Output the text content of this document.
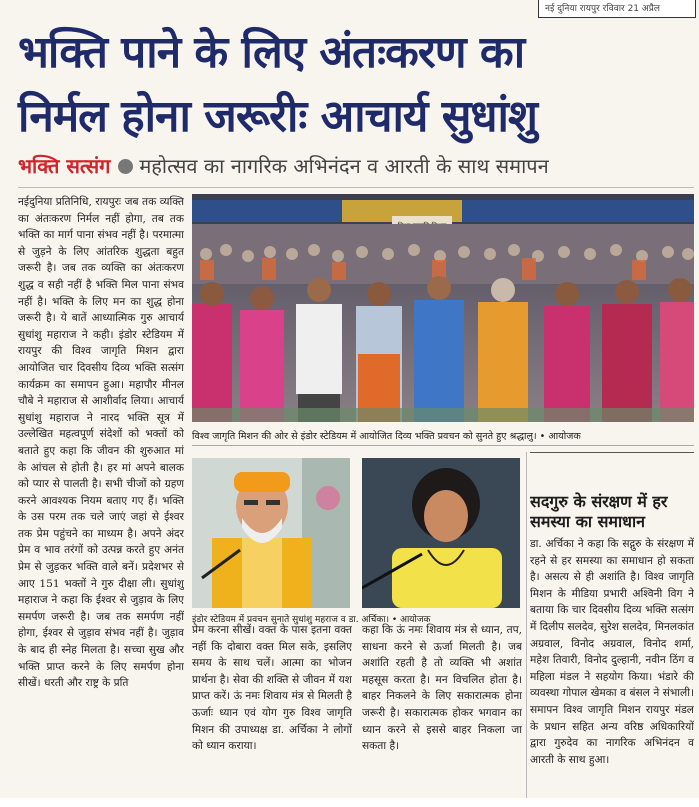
नई दुनिया रायपुर रविवार 21 अप्रैल
भक्ति पाने के लिए अंतःकरण का
निर्मल होना जरूरीः आचार्य सुधांशु
भक्ति सत्संग महोत्सव का नागरिक अभिनंदन व आरती के साथ समापन
विश्व जागृति मिशन की ओर से इंडोर स्टेडियम में आयोजित दिव्य भक्ति प्रवचन को सुनते हुए श्रद्धालु। • आयोजक
इंडोर स्टेडियम में प्रवचन सुनाते सुधांशु महराज व डा. अर्चिका। • आयोजक
नईदुनिया प्रतिनिधि, रायपुरः जब तक व्यक्ति का अंतःकरण निर्मल नहीं होगा, तब तक भक्ति का मार्ग पाना संभव नहीं है। परमात्मा से जुड़ने के लिए आंतरिक शुद्धता बहुत जरूरी है। जब तक व्यक्ति का अंतःकरण शुद्ध व सही नहीं है भक्ति मिल पाना संभव नहीं है। भक्ति के लिए मन का शुद्ध होना जरूरी है। ये बातें आध्यात्मिक गुरु आचार्य सुधांशु महाराज ने कही। इंडोर स्टेडियम में रायपुर की विश्व जागृति मिशन द्वारा आयोजित चार दिवसीय दिव्य भक्ति सत्संग कार्यक्रम का समापन हुआ। महापौर मीनल चौबे ने महाराज से आशीर्वाद लिया। आचार्य सुधांशु महाराज ने नारद भक्ति सूत्र में उल्लेखित महत्वपूर्ण संदेशों को भक्तों को बताते हुए कहा कि जीवन की शुरुआत मां के आंचल से होती है। हर मां अपने बालक को प्यार से पालती है। सभी चीजों को ग्रहण करने आवश्यक नियम बताए गए हैं। भक्ति के उस परम तक चले जाएं जहां से ईश्वर तक प्रेम पहुंचने का माध्यम है। अपने अंदर प्रेम व भाव तरंगों को उत्पन्न करते हुए अनंत प्रेम से जुड़कर भक्ति वाले बनें। प्रदेशभर से आए 151 भक्तों ने गुरु दीक्षा ली। सुधांशु महाराज ने कहा कि ईश्वर से जुड़ाव के लिए समर्पण जरूरी है। जब तक समर्पण नहीं होगा, ईश्वर से जुड़ाव संभव नहीं है। जुड़ाव के बाद ही स्नेह मिलता है। सच्चा सुख और भक्ति प्राप्त करने के लिए समर्पण होना सीखें। धरती और राष्ट्र के प्रति
प्रेम करना सीखें। वक्त के पास इतना वक्त नहीं कि दोबारा वक्त मिल सके, इसलिए समय के साथ चलें। आत्मा का भोजन प्रार्थना है। सेवा की शक्ति से जीवन में यश प्राप्त करें। ऊं नमः शिवाय मंत्र से मिलती है ऊर्जाः ध्यान एवं योग गुरु विश्व जागृति मिशन की उपाध्यक्ष डा. अर्चिका ने लोगों को ध्यान कराया।
कहा कि ऊं नमः शिवाय मंत्र से ध्यान, तप, साधना करने से ऊर्जा मिलती है। जब अशांति रहती है तो व्यक्ति भी अशांत महसूस करता है। मन विचलित होता है। बाहर निकलने के लिए सकारात्मक होना जरूरी है। सकारात्मक होकर भगवान का ध्यान करने से इससे बाहर निकला जा सकता है।
सदगुरु के संरक्षण में हर समस्या का समाधान
डा. अर्चिका ने कहा कि सद्गुरु के संरक्षण में रहने से हर समस्या का समाधान हो सकता है। असत्य से ही अशांति है। विश्व जागृति मिशन के मीडिया प्रभारी अश्विनी विग ने बताया कि चार दिवसीय दिव्य भक्ति सत्संग में दिलीप सलदेव, सुरेश सलदेव, मिनलकांत अग्रवाल, विनोद अग्रवाल, विनोद शर्मा, महेश तिवारी, विनोद दुल्हानी, नवीन ठिंग व महिला मंडल ने सहयोग किया। भंडारे की व्यवस्था गोपाल खेमका व बंसल ने संभाली। समापन विश्व जागृति मिशन रायपुर मंडल के प्रधान सहित अन्य वरिष्ठ अधिकारियों द्वारा गुरुदेव का नागरिक अभिनंदन व आरती के साथ हुआ।
